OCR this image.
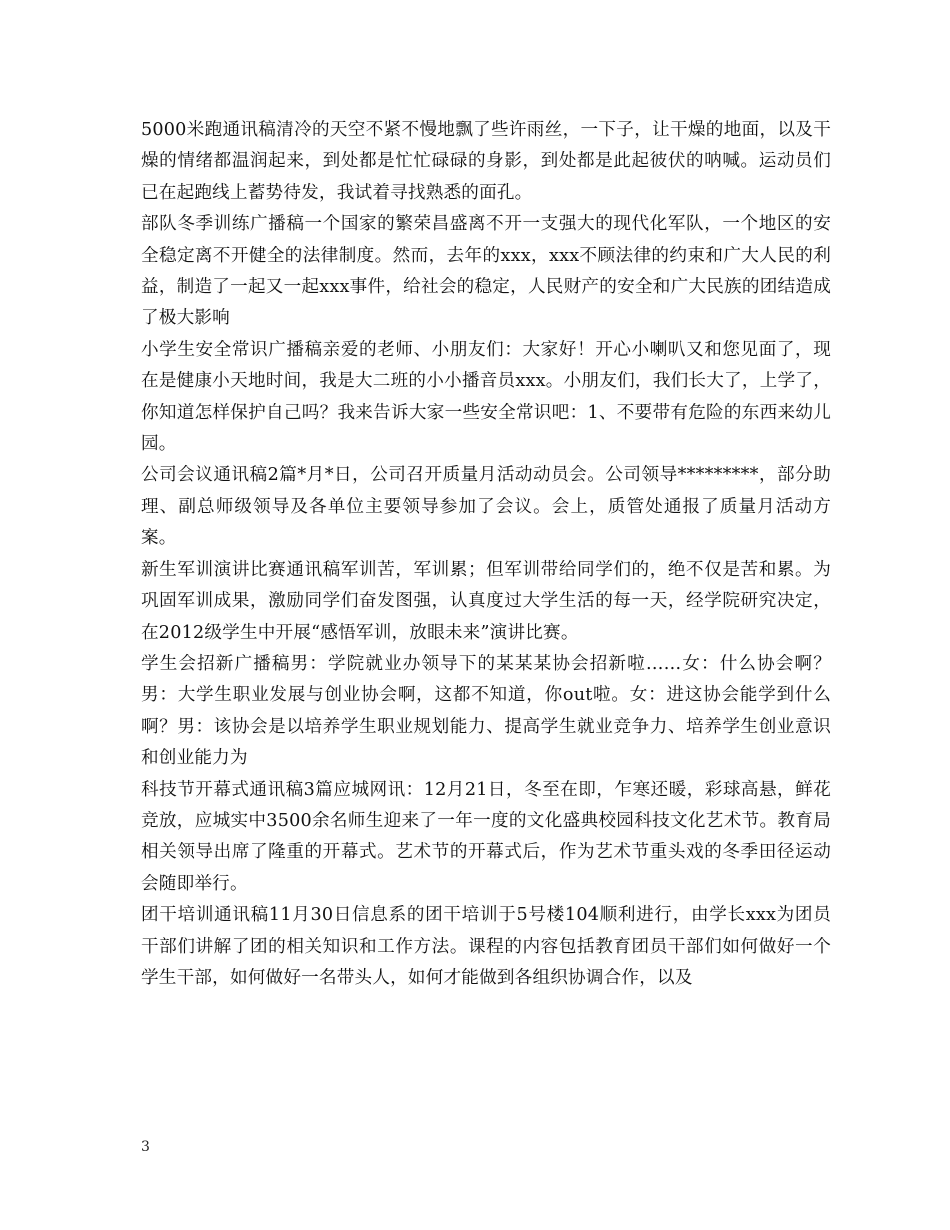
5000米跑通讯稿清冷的天空不紧不慢地飘了些许雨丝，一下子，让干燥的地面，以及干燥的情绪都温润起来，到处都是忙忙碌碌的身影，到处都是此起彼伏的呐喊。运动员们已在起跑线上蓄势待发，我试着寻找熟悉的面孔。

部队冬季训练广播稿一个国家的繁荣昌盛离不开一支强大的现代化军队，一个地区的安全稳定离不开健全的法律制度。然而，去年的xxx，xxx不顾法律的约束和广大人民的利益，制造了一起又一起xxx事件，给社会的稳定，人民财产的安全和广大民族的团结造成了极大影响

小学生安全常识广播稿亲爱的老师、小朋友们：大家好！开心小喇叭又和您见面了，现在是健康小天地时间，我是大二班的小小播音员xxx。小朋友们，我们长大了，上学了，你知道怎样保护自己吗？我来告诉大家一些安全常识吧：1、不要带有危险的东西来幼儿园。

公司会议通讯稿2篇*月*日，公司召开质量月活动动员会。公司领导*********，部分助理、副总师级领导及各单位主要领导参加了会议。会上，质管处通报了质量月活动方案。

新生军训演讲比赛通讯稿军训苦，军训累；但军训带给同学们的，绝不仅是苦和累。为巩固军训成果，激励同学们奋发图强，认真度过大学生活的每一天，经学院研究决定，在2012级学生中开展“感悟军训，放眼未来”演讲比赛。

学生会招新广播稿男：学院就业办领导下的某某某协会招新啦……女：什么协会啊？男：大学生职业发展与创业协会啊，这都不知道，你out啦。女：进这协会能学到什么啊？男：该协会是以培养学生职业规划能力、提高学生就业竞争力、培养学生创业意识和创业能力为

科技节开幕式通讯稿3篇应城网讯：12月21日，冬至在即，乍寒还暖，彩球高悬，鲜花竞放，应城实中3500余名师生迎来了一年一度的文化盛典校园科技文化艺术节。教育局相关领导出席了隆重的开幕式。艺术节的开幕式后，作为艺术节重头戏的冬季田径运动会随即举行。

团干培训通讯稿11月30日信息系的团干培训于5号楼104顺利进行，由学长xxx为团员干部们讲解了团的相关知识和工作方法。课程的内容包括教育团员干部们如何做好一个学生干部，如何做好一名带头人，如何才能做到各组织协调合作，以及

3
